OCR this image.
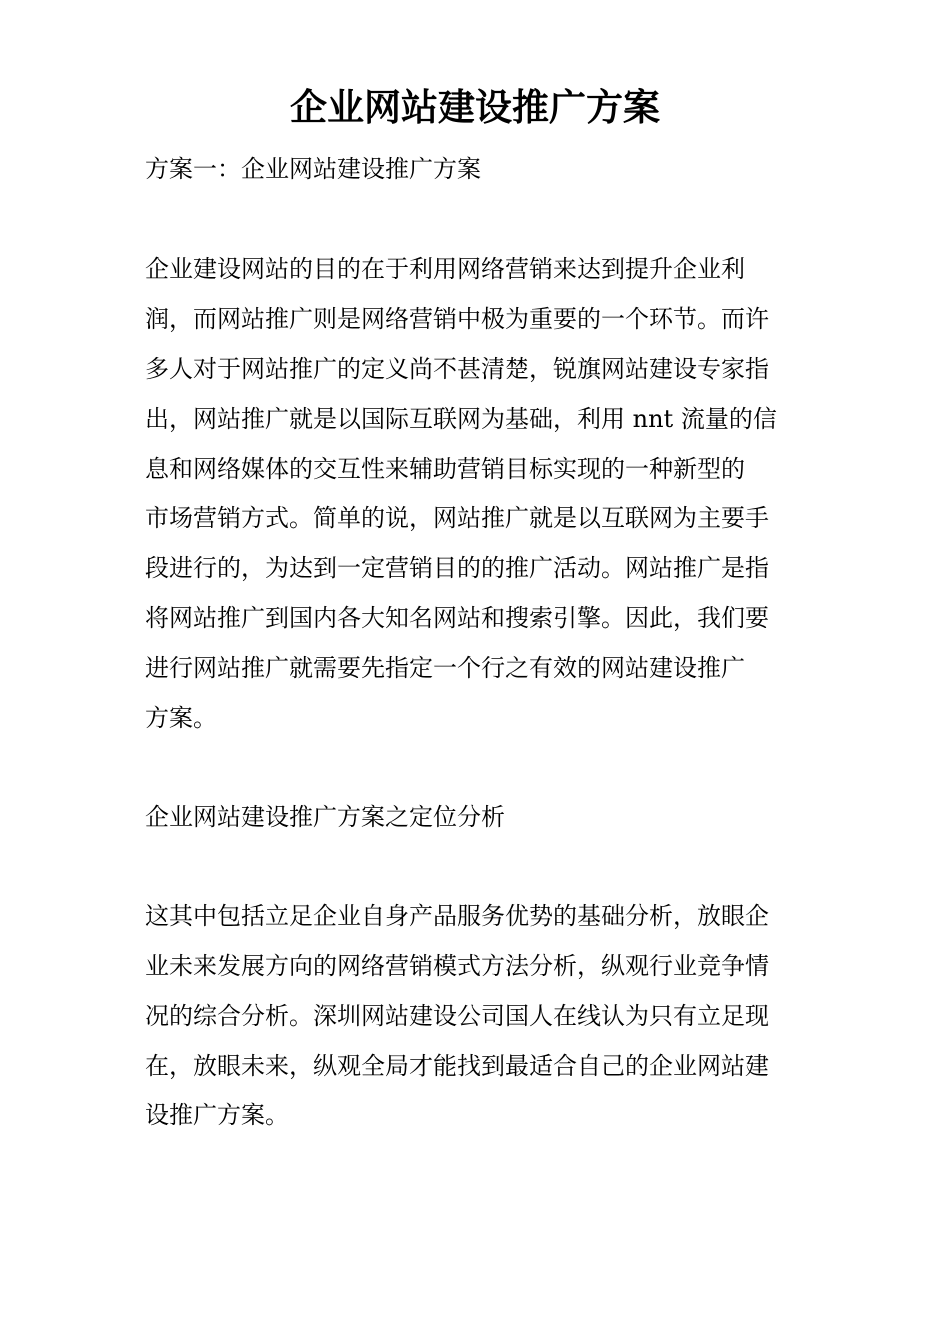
企业网站建设推广方案

方案一：企业网站建设推广方案

企业建设网站的目的在于利用网络营销来达到提升企业利

润，而网站推广则是网络营销中极为重要的一个环节。而许

多人对于网站推广的定义尚不甚清楚，锐旗网站建设专家指

出，网站推广就是以国际互联网为基础，利用 nnt 流量的信

息和网络媒体的交互性来辅助营销目标实现的一种新型的

市场营销方式。简单的说，网站推广就是以互联网为主要手

段进行的，为达到一定营销目的的推广活动。网站推广是指

将网站推广到国内各大知名网站和搜索引擎。因此，我们要

进行网站推广就需要先指定一个行之有效的网站建设推广

方案。

企业网站建设推广方案之定位分析

这其中包括立足企业自身产品服务优势的基础分析，放眼企

业未来发展方向的网络营销模式方法分析，纵观行业竞争情

况的综合分析。深圳网站建设公司国人在线认为只有立足现

在，放眼未来，纵观全局才能找到最适合自己的企业网站建

设推广方案。
